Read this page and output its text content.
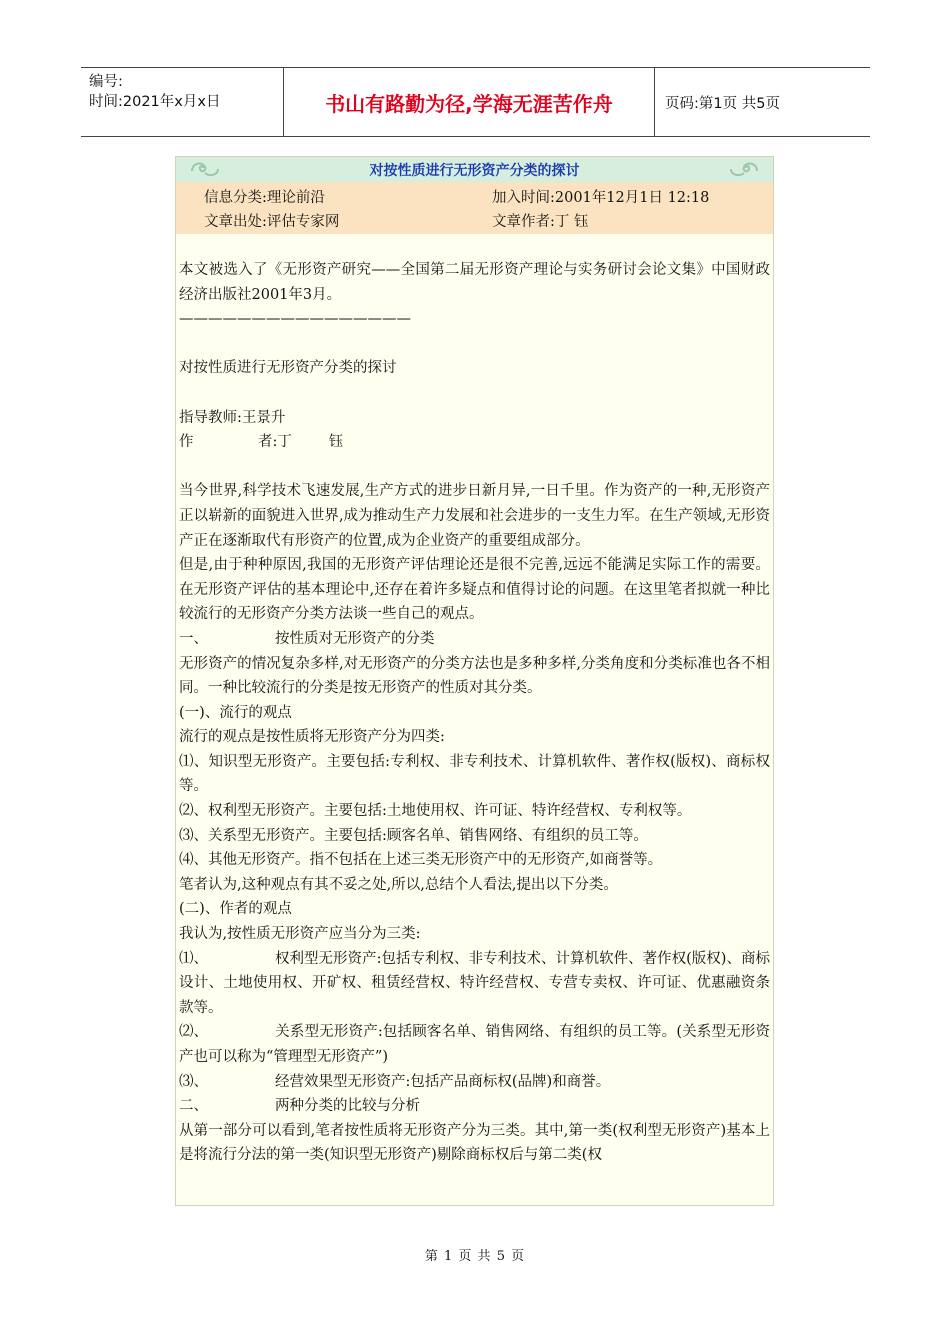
编号:
时间:2021年x月x日	书山有路勤为径,学海无涯苦作舟	页码:第1页 共5页
对按性质进行无形资产分类的探讨
信息分类:理论前沿	加入时间:2001年12月1日 12:18
文章出处:评估专家网	文章作者:丁 钰

本文被选入了《无形资产研究——全国第二届无形资产理论与实务研讨会论文集》中国财政经济出版社2001年3月。

————————————————

对按性质进行无形资产分类的探讨

指导教师:王景升

作              者:丁        钰

当今世界,科学技术飞速发展,生产方式的进步日新月异,一日千里。作为资产的一种,无形资产正以崭新的面貌进入世界,成为推动生产力发展和社会进步的一支生力军。在生产领域,无形资产正在逐渐取代有形资产的位置,成为企业资产的重要组成部分。

但是,由于种种原因,我国的无形资产评估理论还是很不完善,远远不能满足实际工作的需要。在无形资产评估的基本理论中,还存在着许多疑点和值得讨论的问题。在这里笔者拟就一种比较流行的无形资产分类方法谈一些自己的观点。

一、	按性质对无形资产的分类

无形资产的情况复杂多样,对无形资产的分类方法也是多种多样,分类角度和分类标准也各不相同。一种比较流行的分类是按无形资产的性质对其分类。

(一)、流行的观点

流行的观点是按性质将无形资产分为四类:

⑴、知识型无形资产。主要包括:专利权、非专利技术、计算机软件、著作权(版权)、商标权等。

⑵、权利型无形资产。主要包括:土地使用权、许可证、特许经营权、专利权等。

⑶、关系型无形资产。主要包括:顾客名单、销售网络、有组织的员工等。

⑷、其他无形资产。指不包括在上述三类无形资产中的无形资产,如商誉等。

笔者认为,这种观点有其不妥之处,所以,总结个人看法,提出以下分类。

(二)、作者的观点

我认为,按性质无形资产应当分为三类:

⑴、	权利型无形资产:包括专利权、非专利技术、计算机软件、著作权(版权)、商标设计、土地使用权、开矿权、租赁经营权、特许经营权、专营专卖权、许可证、优惠融资条款等。

⑵、	关系型无形资产:包括顾客名单、销售网络、有组织的员工等。(关系型无形资产也可以称为“管理型无形资产”)

⑶、	经营效果型无形资产:包括产品商标权(品牌)和商誉。

二、	两种分类的比较与分析

从第一部分可以看到,笔者按性质将无形资产分为三类。其中,第一类(权利型无形资产)基本上是将流行分法的第一类(知识型无形资产)剔除商标权后与第二类(权

第 1 页 共 5 页
